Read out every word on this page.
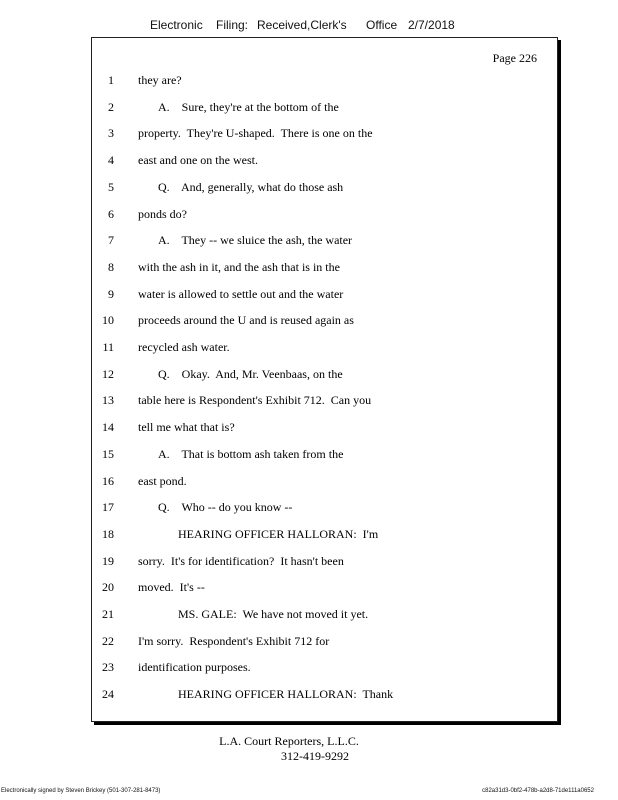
Electronic Filing: Received,Clerk's Office 2/7/2018
Page 226
1 they are?
2	A.    Sure, they're at the bottom of the
3 property.  They're U-shaped.  There is one on the
4 east and one on the west.
5	Q.    And, generally, what do those ash
6 ponds do?
7	A.    They -- we sluice the ash, the water
8 with the ash in it, and the ash that is in the
9 water is allowed to settle out and the water
10 proceeds around the U and is reused again as
11 recycled ash water.
12	Q.    Okay.  And, Mr. Veenbaas, on the
13 table here is Respondent's Exhibit 712.  Can you
14 tell me what that is?
15	A.    That is bottom ash taken from the
16 east pond.
17	Q.    Who -- do you know --
18	HEARING OFFICER HALLORAN:  I'm
19 sorry.  It's for identification?  It hasn't been
20 moved.  It's --
21	MS. GALE:  We have not moved it yet.
22 I'm sorry.  Respondent's Exhibit 712 for
23 identification purposes.
24	HEARING OFFICER HALLORAN:  Thank
L.A. Court Reporters, L.L.C.
312-419-9292
Electronically signed by Steven Brickey (501-307-281-8473)	c82a31d3-0bf2-478b-a2d8-71de111a0652
